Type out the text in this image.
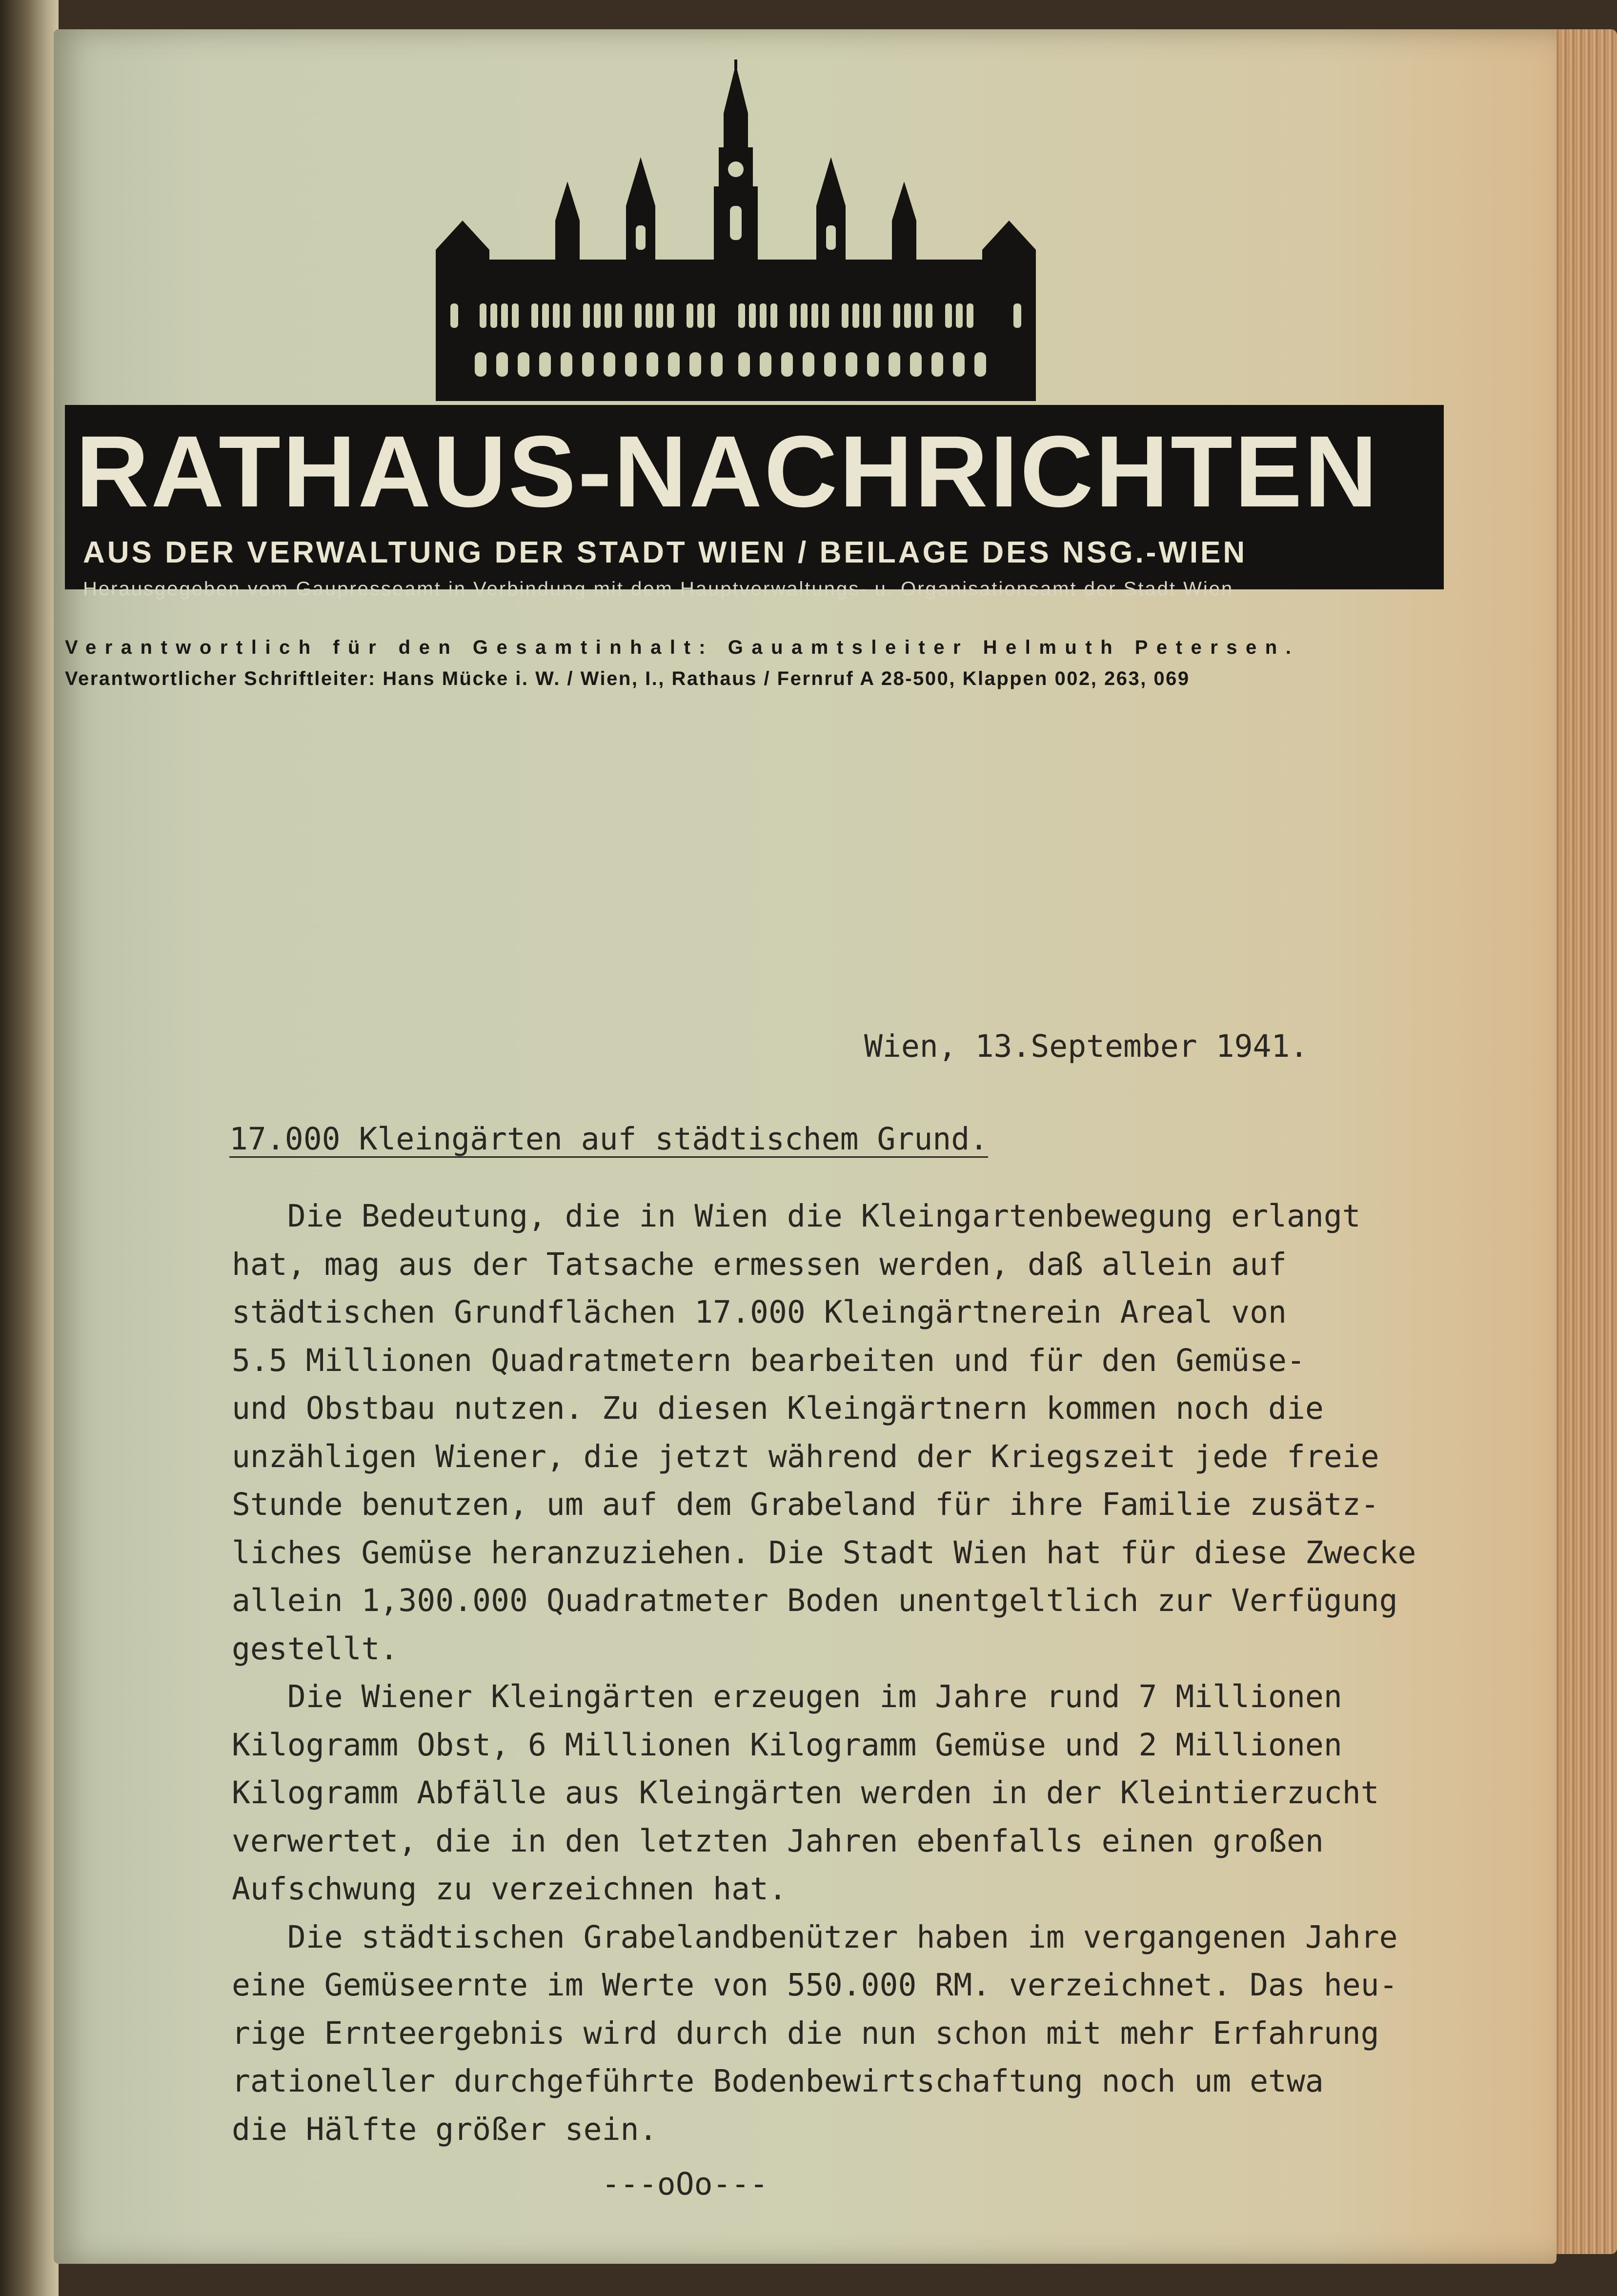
RATHAUS-NACHRICHTEN
AUS DER VERWALTUNG DER STADT WIEN / BEILAGE DES NSG.-WIEN
Herausgegeben vom Gaupresseamt in Verbindung mit dem Hauptverwaltungs- u. Organisationsamt der Stadt Wien
Verantwortlich für den Gesamtinhalt: Gauamtsleiter Helmuth Petersen.
Verantwortlicher Schriftleiter: Hans Mücke i. W. / Wien, I., Rathaus / Fernruf A 28-500, Klappen 002, 263, 069
Wien, 13.September 1941.
17.000 Kleingärten auf städtischem Grund.
Die Bedeutung, die in Wien die Kleingartenbewegung erlangt
hat, mag aus der Tatsache ermessen werden, daß allein auf
städtischen Grundflächen 17.000 Kleingärtnerein Areal von
5.5 Millionen Quadratmetern bearbeiten und für den Gemüse-
und Obstbau nutzen. Zu diesen Kleingärtnern kommen noch die
unzähligen Wiener, die jetzt während der Kriegszeit jede freie
Stunde benutzen, um auf dem Grabeland für ihre Familie zusätz-
liches Gemüse heranzuziehen. Die Stadt Wien hat für diese Zwecke
allein 1,300.000 Quadratmeter Boden unentgeltlich zur Verfügung
gestellt.
Die Wiener Kleingärten erzeugen im Jahre rund 7 Millionen
Kilogramm Obst, 6 Millionen Kilogramm Gemüse und 2 Millionen
Kilogramm Abfälle aus Kleingärten werden in der Kleintierzucht
verwertet, die in den letzten Jahren ebenfalls einen großen
Aufschwung zu verzeichnen hat.
Die städtischen Grabelandbenützer haben im vergangenen Jahre
eine Gemüseernte im Werte von 550.000 RM. verzeichnet. Das heu-
rige Ernteergebnis wird durch die nun schon mit mehr Erfahrung
rationeller durchgeführte Bodenbewirtschaftung noch um etwa
die Hälfte größer sein.
---oOo---
